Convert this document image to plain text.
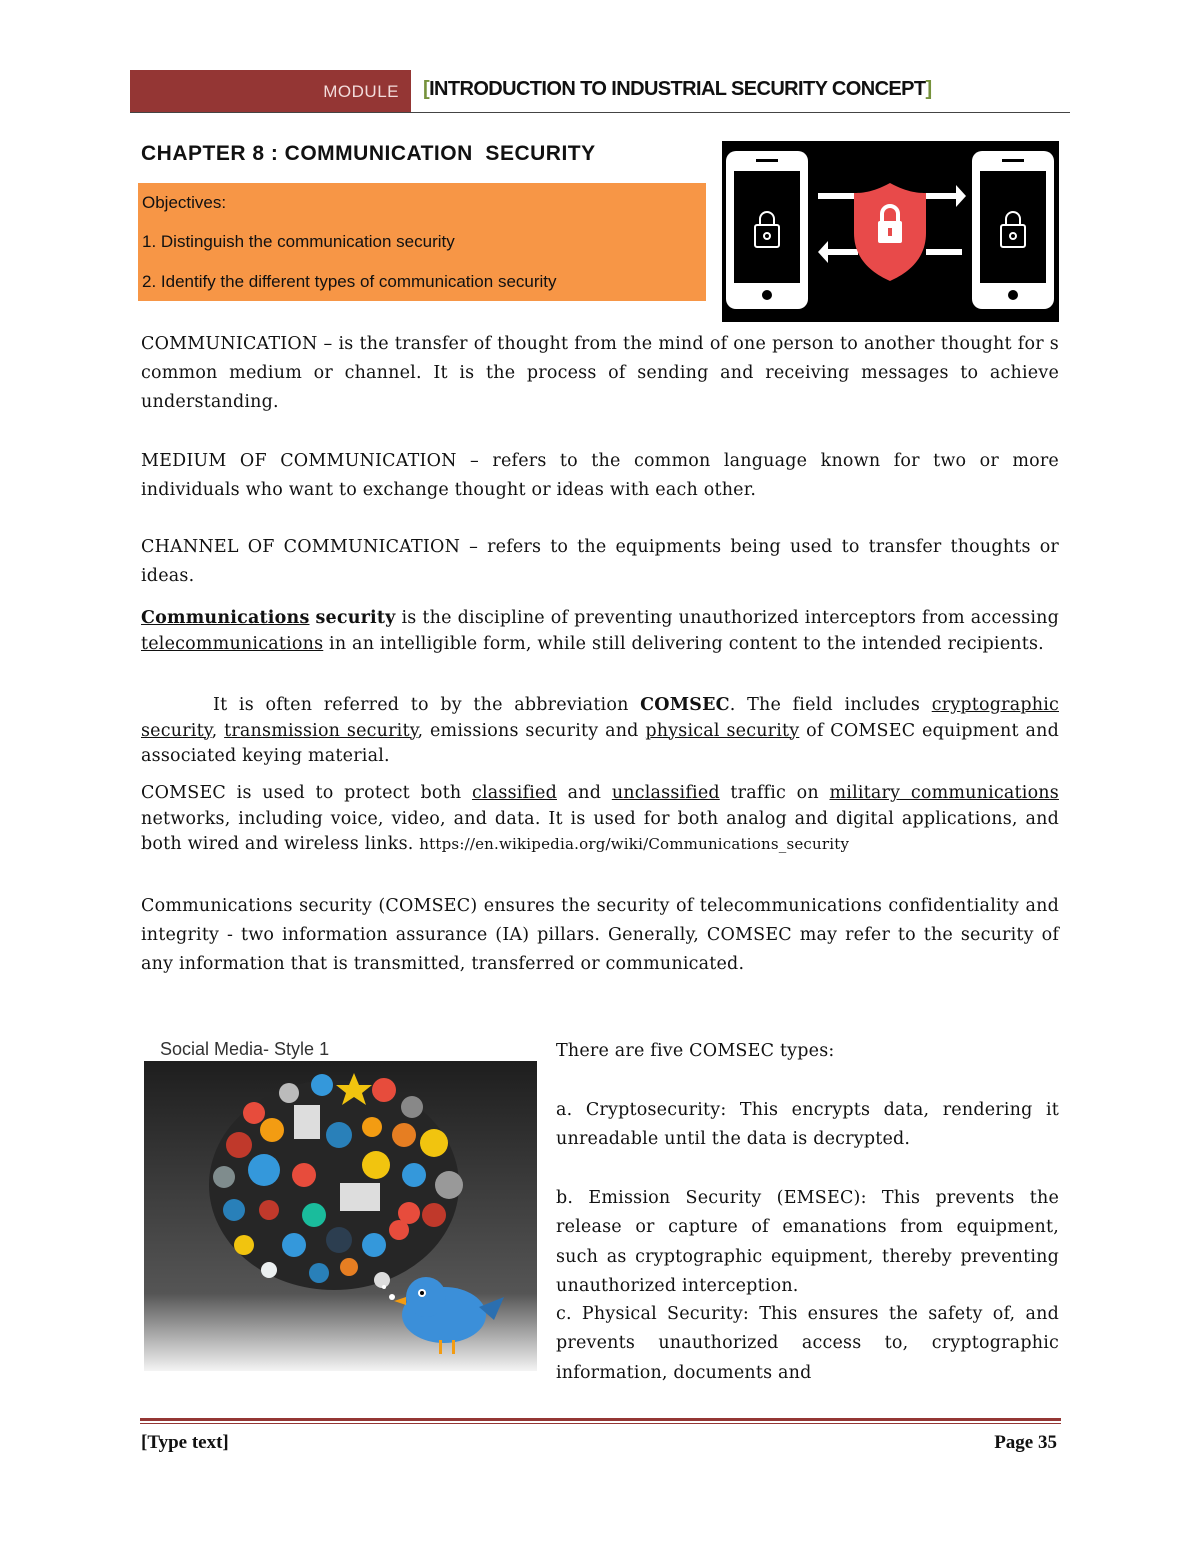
MODULE [INTRODUCTION TO INDUSTRIAL SECURITY CONCEPT]
CHAPTER 8 : COMMUNICATION  SECURITY
Objectives:
1. Distinguish the communication security
2. Identify the different types of communication security
COMMUNICATION – is the transfer of thought from the mind of one person to another thought for s common medium or channel. It is the process of sending and receiving messages to achieve understanding.
MEDIUM OF COMMUNICATION – refers to the common language known for two or more individuals who want to exchange thought or ideas with each other.
CHANNEL OF COMMUNICATION – refers to the equipments being used to transfer thoughts or ideas.
Communications security is the discipline of preventing unauthorized interceptors from accessing telecommunications in an intelligible form, while still delivering content to the intended recipients.
It is often referred to by the abbreviation COMSEC. The field includes cryptographic security, transmission security, emissions security and physical security of COMSEC equipment and associated keying material.
COMSEC is used to protect both classified and unclassified traffic on military communications networks, including voice, video, and data. It is used for both analog and digital applications, and both wired and wireless links. https://en.wikipedia.org/wiki/Communications_security
Communications security (COMSEC) ensures the security of telecommunications confidentiality and integrity - two information assurance (IA) pillars. Generally, COMSEC may refer to the security of any information that is transmitted, transferred or communicated.
Social Media- Style 1	There are five COMSEC types:
a. Cryptosecurity: This encrypts data, rendering it unreadable until the data is decrypted.
b. Emission Security (EMSEC): This prevents the release or capture of emanations from equipment, such as cryptographic equipment, thereby preventing unauthorized interception.
c. Physical Security: This ensures the safety of, and prevents unauthorized access to, cryptographic information, documents and
[Type text]	Page 35
